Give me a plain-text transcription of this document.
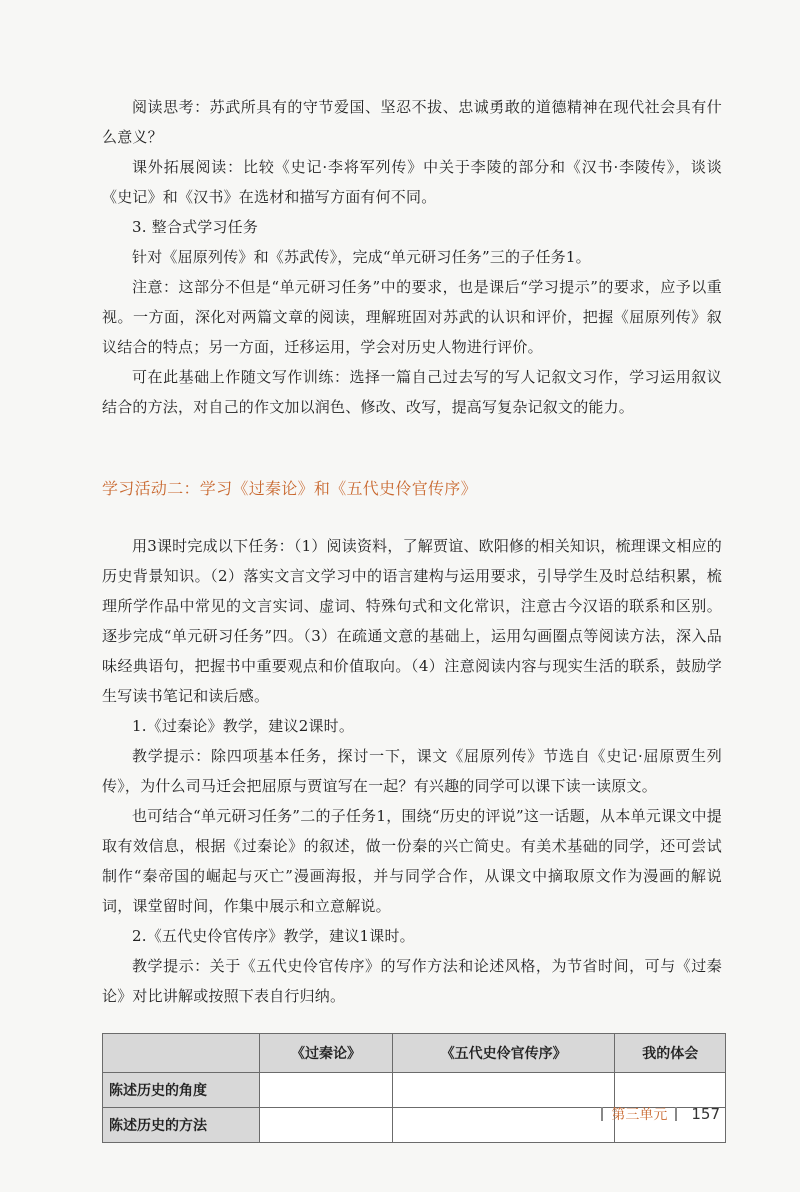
阅读思考：苏武所具有的守节爱国、坚忍不拔、忠诚勇敢的道德精神在现代社会具有什么意义？

课外拓展阅读：比较《史记·李将军列传》中关于李陵的部分和《汉书·李陵传》，谈谈《史记》和《汉书》在选材和描写方面有何不同。

3. 整合式学习任务

针对《屈原列传》和《苏武传》，完成“单元研习任务”三的子任务1。

注意：这部分不但是“单元研习任务”中的要求，也是课后“学习提示”的要求，应予以重视。一方面，深化对两篇文章的阅读，理解班固对苏武的认识和评价，把握《屈原列传》叙议结合的特点；另一方面，迁移运用，学会对历史人物进行评价。

可在此基础上作随文写作训练：选择一篇自己过去写的写人记叙文习作，学习运用叙议结合的方法，对自己的作文加以润色、修改、改写，提高写复杂记叙文的能力。

学习活动二：学习《过秦论》和《五代史伶官传序》

用3课时完成以下任务：（1）阅读资料，了解贾谊、欧阳修的相关知识，梳理课文相应的历史背景知识。（2）落实文言文学习中的语言建构与运用要求，引导学生及时总结积累，梳理所学作品中常见的文言实词、虚词、特殊句式和文化常识，注意古今汉语的联系和区别。逐步完成“单元研习任务”四。（3）在疏通文意的基础上，运用勾画圈点等阅读方法，深入品味经典语句，把握书中重要观点和价值取向。（4）注意阅读内容与现实生活的联系，鼓励学生写读书笔记和读后感。

1.《过秦论》教学，建议2课时。

教学提示：除四项基本任务，探讨一下，课文《屈原列传》节选自《史记·屈原贾生列传》，为什么司马迁会把屈原与贾谊写在一起？有兴趣的同学可以课下读一读原文。

也可结合“单元研习任务”二的子任务1，围绕“历史的评说”这一话题，从本单元课文中提取有效信息，根据《过秦论》的叙述，做一份秦的兴亡简史。有美术基础的同学，还可尝试制作“秦帝国的崛起与灭亡”漫画海报，并与同学合作，从课文中摘取原文作为漫画的解说词，课堂留时间，作集中展示和立意解说。

2.《五代史伶官传序》教学，建议1课时。

教学提示：关于《五代史伶官传序》的写作方法和论述风格，为节省时间，可与《过秦论》对比讲解或按照下表自行归纳。

	《过秦论》	《五代史伶官传序》	我的体会
陈述历史的角度			
陈述历史的方法			
第三单元 157
